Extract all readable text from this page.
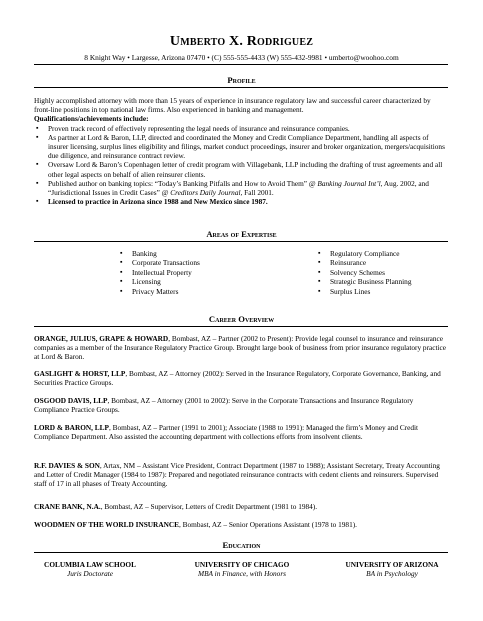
Umberto X. Rodriguez
8 Knight Way • Largesse, Arizona 07470 • (C) 555-555-4433 (W) 555-432-9981 • umberto@woohoo.com
Profile

Highly accomplished attorney with more than 15 years of experience in insurance regulatory law and successful career characterized by front-line positions in top national law firms. Also experienced in banking and management.

Qualifications/achievements include:

▪ Proven track record of effectively representing the legal needs of insurance and reinsurance companies.
▪ As partner at Lord & Baron, LLP, directed and coordinated the Money and Credit Compliance Department, handling all aspects of insurer licensing, surplus lines eligibility and filings, market conduct proceedings, insurer and broker organization, mergers/acquisitions due diligence, and reinsurance contract review.
▪ Oversaw Lord & Baron’s Copenhagen letter of credit program with Villagebank, LLP including the drafting of trust agreements and all other legal aspects on behalf of alien reinsurer clients.
▪ Published author on banking topics: “Today’s Banking Pitfalls and How to Avoid Them” @ Banking Journal Int’l, Aug. 2002, and “Jurisdictional Issues in Credit Cases” @ Creditors Daily Journal, Fall 2001.
▪ Licensed to practice in Arizona since 1988 and New Mexico since 1987.
Areas of Expertise
▪ Banking
▪ Corporate Transactions
▪ Intellectual Property
▪ Licensing
▪ Privacy Matters
▪ Regulatory Compliance
▪ Reinsurance
▪ Solvency Schemes
▪ Strategic Business Planning
▪ Surplus Lines
Career Overview
ORANGE, JULIUS, GRAPE & HOWARD, Bombast, AZ – Partner (2002 to Present): Provide legal counsel to insurance and reinsurance companies as a member of the Insurance Regulatory Practice Group. Brought large book of business from prior insurance regulatory practice at Lord & Baron.
GASLIGHT & HORST, LLP, Bombast, AZ – Attorney (2002): Served in the Insurance Regulatory, Corporate Governance, Banking, and Securities Practice Groups.
OSGOOD DAVIS, LLP, Bombast, AZ – Attorney (2001 to 2002): Serve in the Corporate Transactions and Insurance Regulatory Compliance Practice Groups.
LORD & BARON, LLP, Bombast, AZ – Partner (1991 to 2001); Associate (1988 to 1991): Managed the firm’s Money and Credit Compliance Department. Also assisted the accounting department with collections efforts from insolvent clients.
R.F. DAVIES & SON, Artax, NM – Assistant Vice President, Contract Department (1987 to 1988); Assistant Secretary, Treaty Accounting and Letter of Credit Manager (1984 to 1987): Prepared and negotiated reinsurance contracts with cedent clients and reinsurers. Supervised staff of 17 in all phases of Treaty Accounting.
CRANE BANK, N.A., Bombast, AZ – Supervisor, Letters of Credit Department (1981 to 1984).
WOODMEN OF THE WORLD INSURANCE, Bombast, AZ – Senior Operations Assistant (1978 to 1981).
Education
COLUMBIA LAW SCHOOL
Juris Doctorate
UNIVERSITY OF CHICAGO
MBA in Finance, with Honors
UNIVERSITY OF ARIZONA
BA in Psychology
